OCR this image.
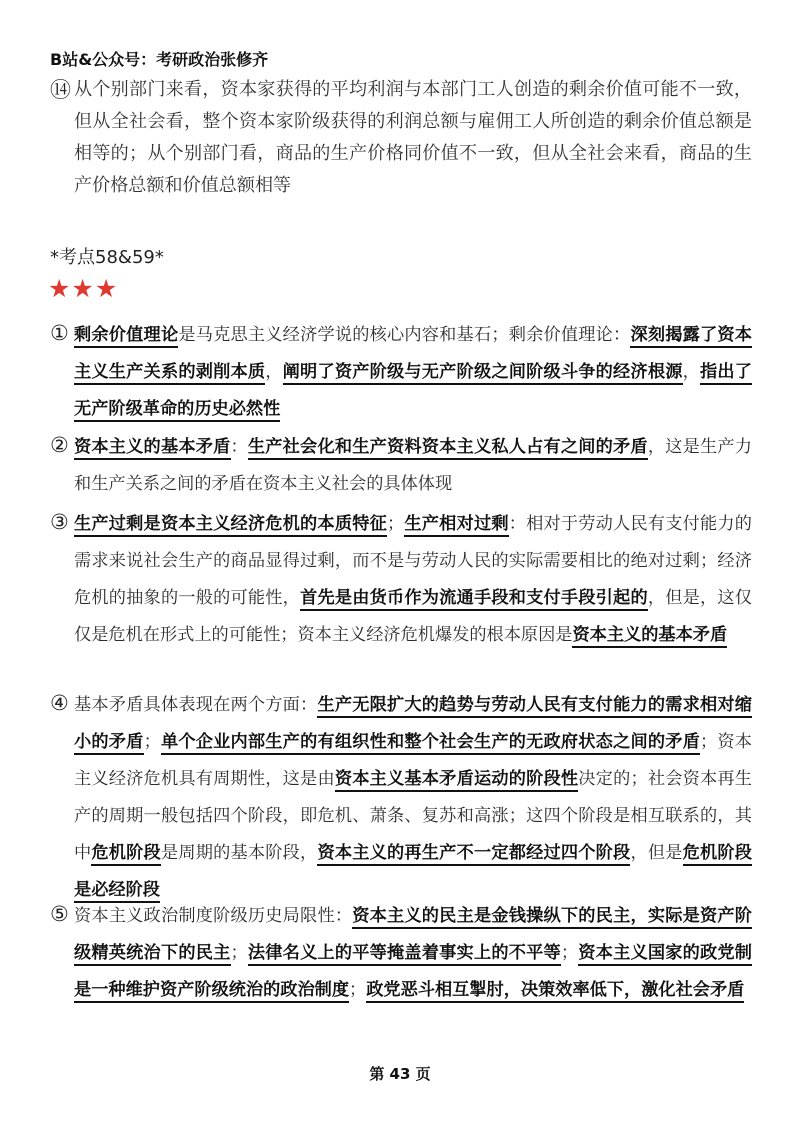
B站&公众号：考研政治张修齐
⑭ 从个别部门来看，资本家获得的平均利润与本部门工人创造的剩余价值可能不一致，但从全社会看，整个资本家阶级获得的利润总额与雇佣工人所创造的剩余价值总额是相等的；从个别部门看，商品的生产价格同价值不一致，但从全社会来看，商品的生产价格总额和价值总额相等
*考点58&59*
★★★
① 剩余价值理论是马克思主义经济学说的核心内容和基石；剩余价值理论：深刻揭露了资本主义生产关系的剥削本质，阐明了资产阶级与无产阶级之间阶级斗争的经济根源，指出了无产阶级革命的历史必然性
② 资本主义的基本矛盾：生产社会化和生产资料资本主义私人占有之间的矛盾，这是生产力和生产关系之间的矛盾在资本主义社会的具体体现
③ 生产过剩是资本主义经济危机的本质特征；生产相对过剩：相对于劳动人民有支付能力的需求来说社会生产的商品显得过剩，而不是与劳动人民的实际需要相比的绝对过剩；经济危机的抽象的一般的可能性，首先是由货币作为流通手段和支付手段引起的，但是，这仅仅是危机在形式上的可能性；资本主义经济危机爆发的根本原因是资本主义的基本矛盾
④ 基本矛盾具体表现在两个方面：生产无限扩大的趋势与劳动人民有支付能力的需求相对缩小的矛盾；单个企业内部生产的有组织性和整个社会生产的无政府状态之间的矛盾；资本主义经济危机具有周期性，这是由资本主义基本矛盾运动的阶段性决定的；社会资本再生产的周期一般包括四个阶段，即危机、萧条、复苏和高涨；这四个阶段是相互联系的，其中危机阶段是周期的基本阶段，资本主义的再生产不一定都经过四个阶段，但是危机阶段是必经阶段
⑤ 资本主义政治制度阶级历史局限性：资本主义的民主是金钱操纵下的民主，实际是资产阶级精英统治下的民主；法律名义上的平等掩盖着事实上的不平等；资本主义国家的政党制是一种维护资产阶级统治的政治制度；政党恶斗相互掣肘，决策效率低下，激化社会矛盾
第 43 页
